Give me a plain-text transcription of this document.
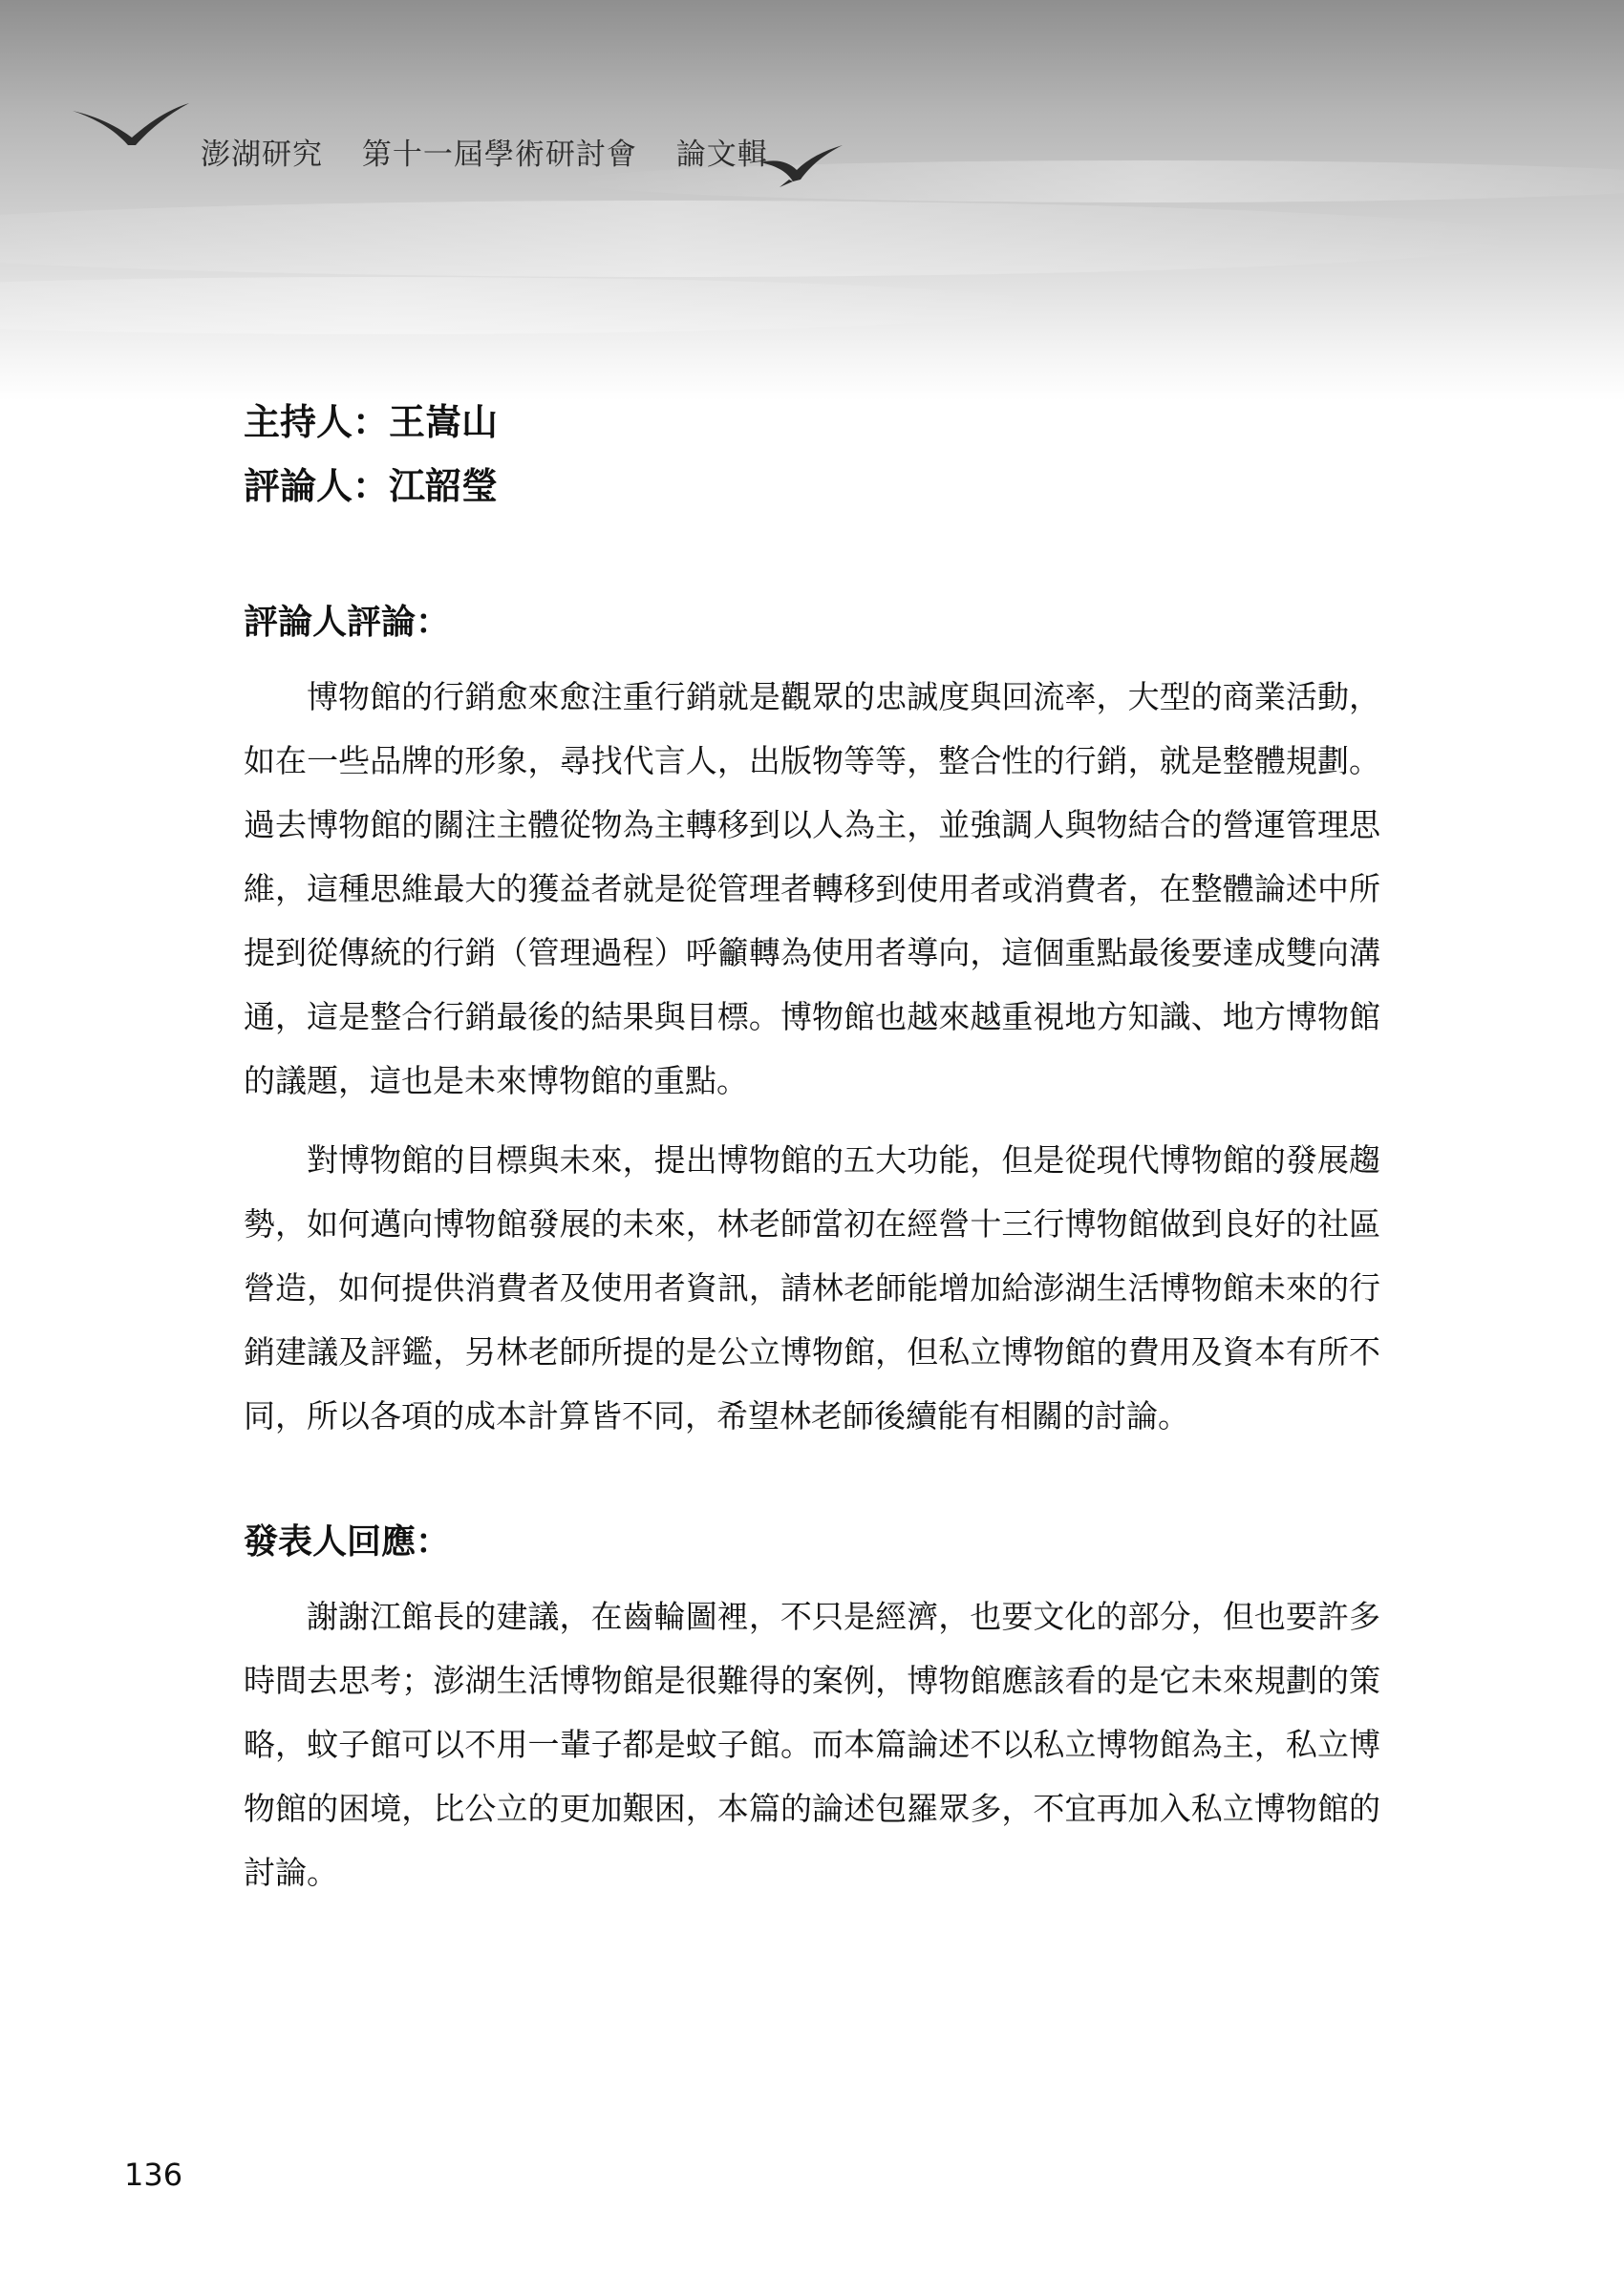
澎湖研究 第十一屆學術研討會 論文輯
主持人：王嵩山
評論人：江韶瑩
評論人評論：

博物館的行銷愈來愈注重行銷就是觀眾的忠誠度與回流率，大型的商業活動，如在一些品牌的形象，尋找代言人，出版物等等，整合性的行銷，就是整體規劃。過去博物館的關注主體從物為主轉移到以人為主，並強調人與物結合的營運管理思維，這種思維最大的獲益者就是從管理者轉移到使用者或消費者，在整體論述中所提到從傳統的行銷（管理過程）呼籲轉為使用者導向，這個重點最後要達成雙向溝通，這是整合行銷最後的結果與目標。博物館也越來越重視地方知識、地方博物館的議題，這也是未來博物館的重點。

對博物館的目標與未來，提出博物館的五大功能，但是從現代博物館的發展趨勢，如何邁向博物館發展的未來，林老師當初在經營十三行博物館做到良好的社區營造，如何提供消費者及使用者資訊，請林老師能增加給澎湖生活博物館未來的行銷建議及評鑑，另林老師所提的是公立博物館，但私立博物館的費用及資本有所不同，所以各項的成本計算皆不同，希望林老師後續能有相關的討論。

發表人回應：

謝謝江館長的建議，在齒輪圖裡，不只是經濟，也要文化的部分，但也要許多時間去思考；澎湖生活博物館是很難得的案例，博物館應該看的是它未來規劃的策略，蚊子館可以不用一輩子都是蚊子館。而本篇論述不以私立博物館為主，私立博物館的困境，比公立的更加艱困，本篇的論述包羅眾多，不宜再加入私立博物館的討論。

136
